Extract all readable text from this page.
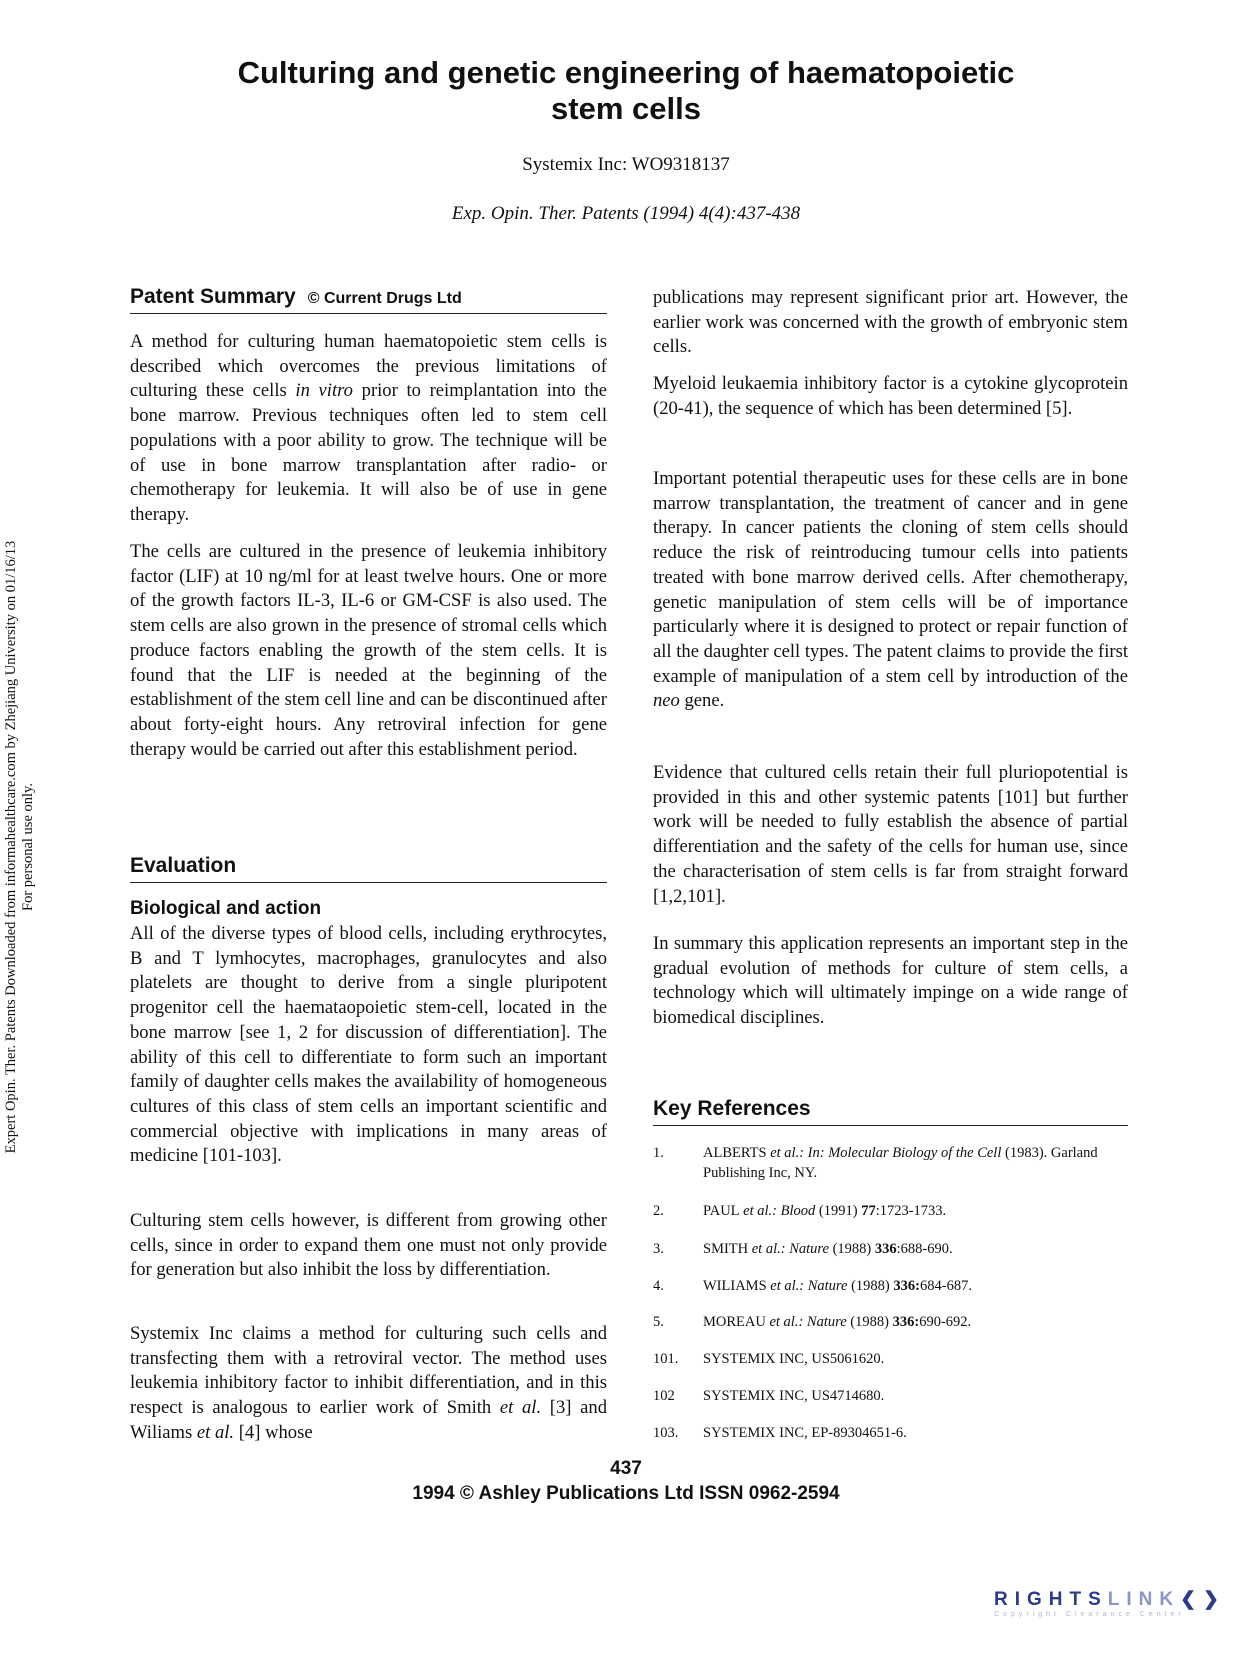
Expert Opin. Ther. Patents Downloaded from informahealthcare.com by Zhejiang University on 01/16/13 For personal use only.
Culturing and genetic engineering of haematopoietic
stem cells
Systemix Inc: WO9318137
Exp. Opin. Ther. Patents (1994) 4(4):437-438
Patent Summary © Current Drugs Ltd

A method for culturing human haematopoietic stem cells is described which overcomes the previous limitations of culturing these cells in vitro prior to reimplantation into the bone marrow. Previous techniques often led to stem cell populations with a poor ability to grow. The technique will be of use in bone marrow transplantation after radio- or chemotherapy for leukemia. It will also be of use in gene therapy.

The cells are cultured in the presence of leukemia inhibitory factor (LIF) at 10 ng/ml for at least twelve hours. One or more of the growth factors IL-3, IL-6 or GM-CSF is also used. The stem cells are also grown in the presence of stromal cells which produce factors enabling the growth of the stem cells. It is found that the LIF is needed at the beginning of the establishment of the stem cell line and can be discontinued after about forty-eight hours. Any retroviral infection for gene therapy would be carried out after this establishment period.

Evaluation
Biological and action

All of the diverse types of blood cells, including erythrocytes, B and T lymhocytes, macrophages, granulocytes and also platelets are thought to derive from a single pluripotent progenitor cell the haemataopoietic stem-cell, located in the bone marrow [see 1, 2 for discussion of differentiation]. The ability of this cell to differentiate to form such an important family of daughter cells makes the availability of homogeneous cultures of this class of stem cells an important scientific and commercial objective with implications in many areas of medicine [101-103].

Culturing stem cells however, is different from growing other cells, since in order to expand them one must not only provide for generation but also inhibit the loss by differentiation.

Systemix Inc claims a method for culturing such cells and transfecting them with a retroviral vector. The method uses leukemia inhibitory factor to inhibit differentiation, and in this respect is analogous to earlier work of Smith et al. [3] and Wiliams et al. [4] whose

publications may represent significant prior art. However, the earlier work was concerned with the growth of embryonic stem cells.

Myeloid leukaemia inhibitory factor is a cytokine glycoprotein (20-41), the sequence of which has been determined [5].

Important potential therapeutic uses for these cells are in bone marrow transplantation, the treatment of cancer and in gene therapy. In cancer patients the cloning of stem cells should reduce the risk of reintroducing tumour cells into patients treated with bone marrow derived cells. After chemotherapy, genetic manipulation of stem cells will be of importance particularly where it is designed to protect or repair function of all the daughter cell types. The patent claims to provide the first example of manipulation of a stem cell by introduction of the neo gene.

Evidence that cultured cells retain their full pluriopotential is provided in this and other systemic patents [101] but further work will be needed to fully establish the absence of partial differentiation and the safety of the cells for human use, since the characterisation of stem cells is far from straight forward [1,2,101].

In summary this application represents an important step in the gradual evolution of methods for culture of stem cells, a technology which will ultimately impinge on a wide range of biomedical disciplines.

Key References
1.	ALBERTS et al.: In: Molecular Biology of the Cell (1983). Garland Publishing Inc, NY.
2.	PAUL et al.: Blood (1991) 77:1723-1733.
3.	SMITH et al.: Nature (1988) 336:688-690.
4.	WILIAMS et al.: Nature (1988) 336:684-687.
5.	MOREAU et al.: Nature (1988) 336:690-692.
101. SYSTEMIX INC, US5061620.
102 SYSTEMIX INC, US4714680.
103. SYSTEMIX INC, EP-89304651-6.
437
1994 © Ashley Publications Ltd ISSN 0962-2594
RIGHTSLINK❮❯
Copyright Clearance Center
